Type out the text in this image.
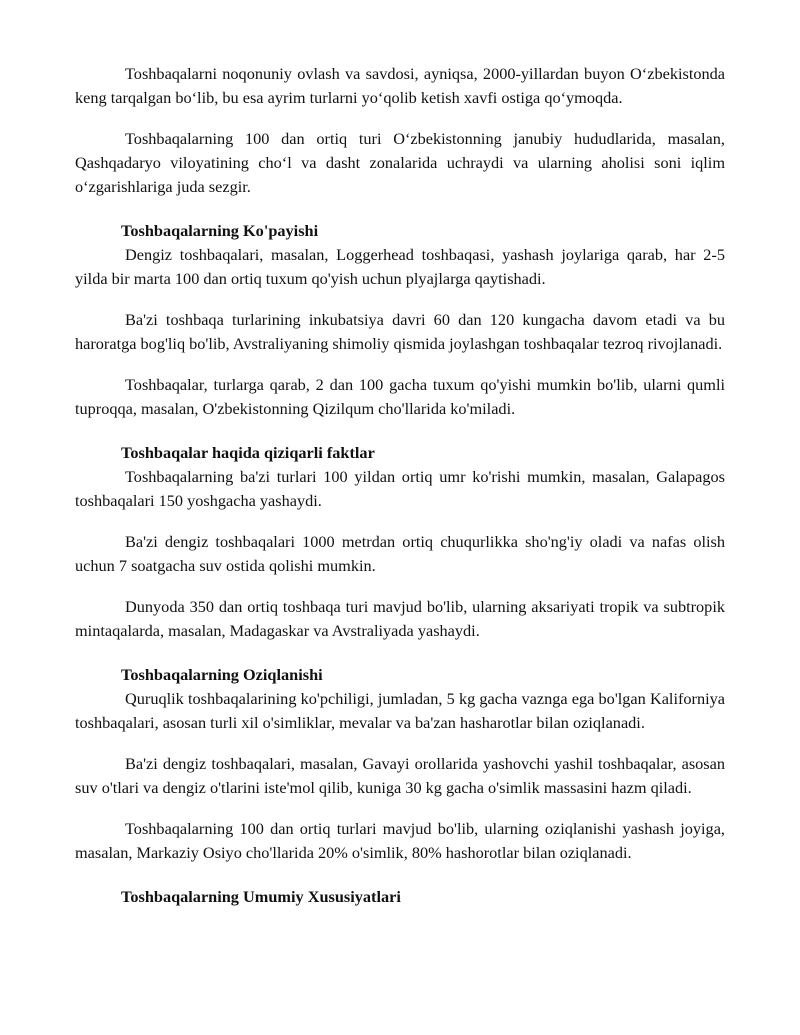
Toshbaqalarni noqonuniy ovlash va savdosi, ayniqsa, 2000-yillardan buyon O‘zbekistonda keng tarqalgan bo‘lib, bu esa ayrim turlarni yo‘qolib ketish xavfi ostiga qo‘ymoqda.

Toshbaqalarning 100 dan ortiq turi O‘zbekistonning janubiy hududlarida, masalan, Qashqadaryo viloyatining cho‘l va dasht zonalarida uchraydi va ularning aholisi soni iqlim o‘zgarishlariga juda sezgir.

Toshbaqalarning Ko'payishi

Dengiz toshbaqalari, masalan, Loggerhead toshbaqasi, yashash joylariga qarab, har 2-5 yilda bir marta 100 dan ortiq tuxum qo'yish uchun plyajlarga qaytishadi.

Ba'zi toshbaqa turlarining inkubatsiya davri 60 dan 120 kungacha davom etadi va bu haroratga bog'liq bo'lib, Avstraliyaning shimoliy qismida joylashgan toshbaqalar tezroq rivojlanadi.

Toshbaqalar, turlarga qarab, 2 dan 100 gacha tuxum qo'yishi mumkin bo'lib, ularni qumli tuproqqa, masalan, O'zbekistonning Qizilqum cho'llarida ko'miladi.

Toshbaqalar haqida qiziqarli faktlar

Toshbaqalarning ba'zi turlari 100 yildan ortiq umr ko'rishi mumkin, masalan, Galapagos toshbaqalari 150 yoshgacha yashaydi.

Ba'zi dengiz toshbaqalari 1000 metrdan ortiq chuqurlikka sho'ng'iy oladi va nafas olish uchun 7 soatgacha suv ostida qolishi mumkin.

Dunyoda 350 dan ortiq toshbaqa turi mavjud bo'lib, ularning aksariyati tropik va subtropik mintaqalarda, masalan, Madagaskar va Avstraliyada yashaydi.

Toshbaqalarning Oziqlanishi

Quruqlik toshbaqalarining ko'pchiligi, jumladan, 5 kg gacha vaznga ega bo'lgan Kaliforniya toshbaqalari, asosan turli xil o'simliklar, mevalar va ba'zan hasharotlar bilan oziqlanadi.

Ba'zi dengiz toshbaqalari, masalan, Gavayi orollarida yashovchi yashil toshbaqalar, asosan suv o'tlari va dengiz o'tlarini iste'mol qilib, kuniga 30 kg gacha o'simlik massasini hazm qiladi.

Toshbaqalarning 100 dan ortiq turlari mavjud bo'lib, ularning oziqlanishi yashash joyiga, masalan, Markaziy Osiyo cho'llarida 20% o'simlik, 80% hashorotlar bilan oziqlanadi.

Toshbaqalarning Umumiy Xususiyatlari
